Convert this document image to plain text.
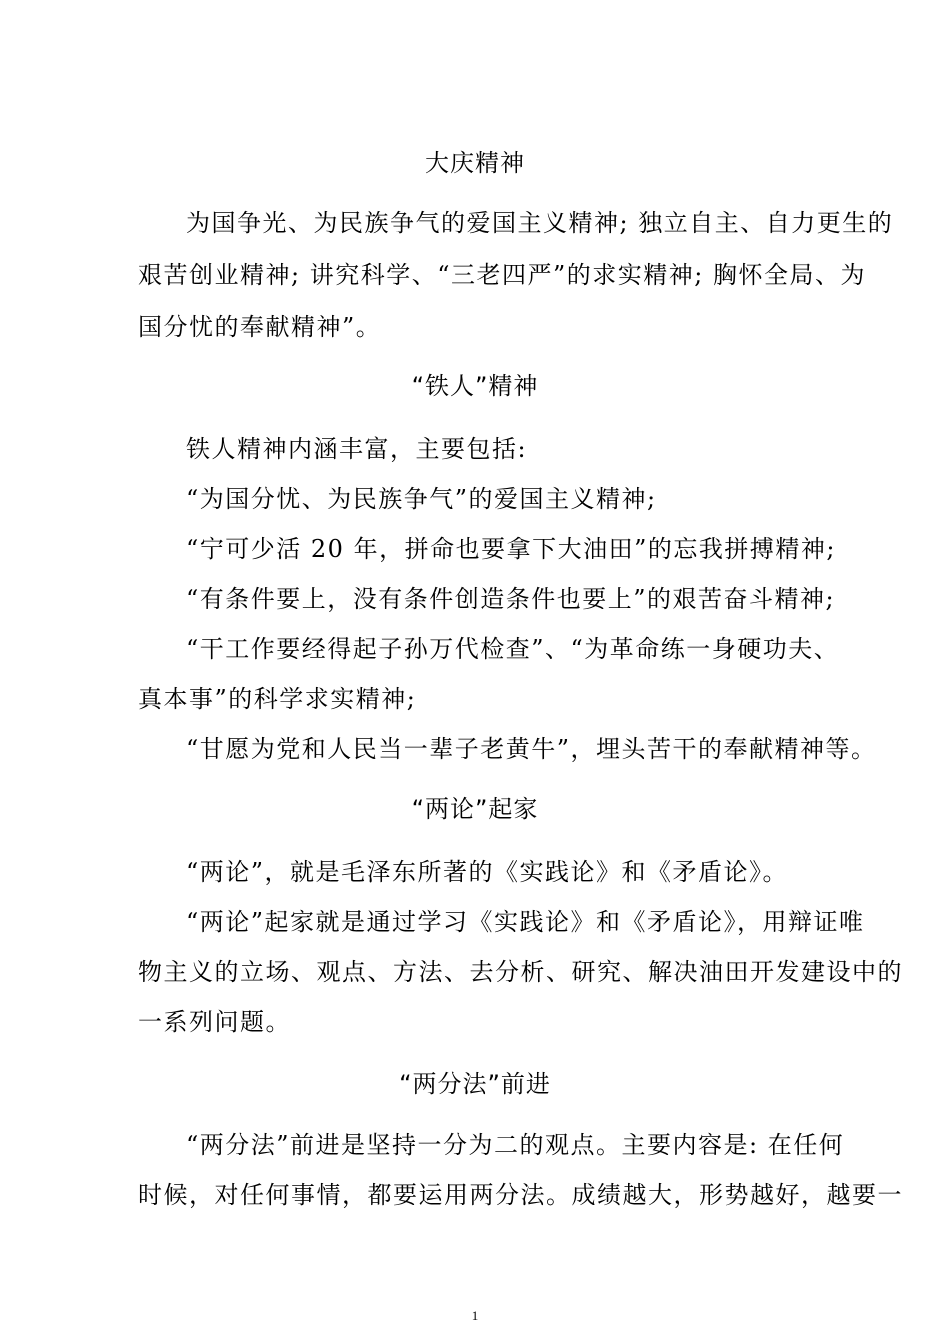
大庆精神
为国争光、为民族争气的爱国主义精神; 独立自主、自力更生的
艰苦创业精神; 讲究科学、“三老四严”的求实精神; 胸怀全局、为
国分忧的奉献精神”。
“铁人”精神
铁人精神内涵丰富，主要包括:
“为国分忧、为民族争气”的爱国主义精神;
“宁可少活 20 年，拼命也要拿下大油田”的忘我拼搏精神;
“有条件要上，没有条件创造条件也要上”的艰苦奋斗精神;
“干工作要经得起子孙万代检查”、“为革命练一身硬功夫、
真本事”的科学求实精神;
“甘愿为党和人民当一辈子老黄牛”，埋头苦干的奉献精神等。
“两论”起家
“两论”，就是毛泽东所著的《实践论》和《矛盾论》。
“两论”起家就是通过学习《实践论》和《矛盾论》，用辩证唯
物主义的立场、观点、方法、去分析、研究、解决油田开发建设中的
一系列问题。
“两分法”前进
“两分法”前进是坚持一分为二的观点。主要内容是: 在任何
时候，对任何事情，都要运用两分法。成绩越大，形势越好，越要一
1
